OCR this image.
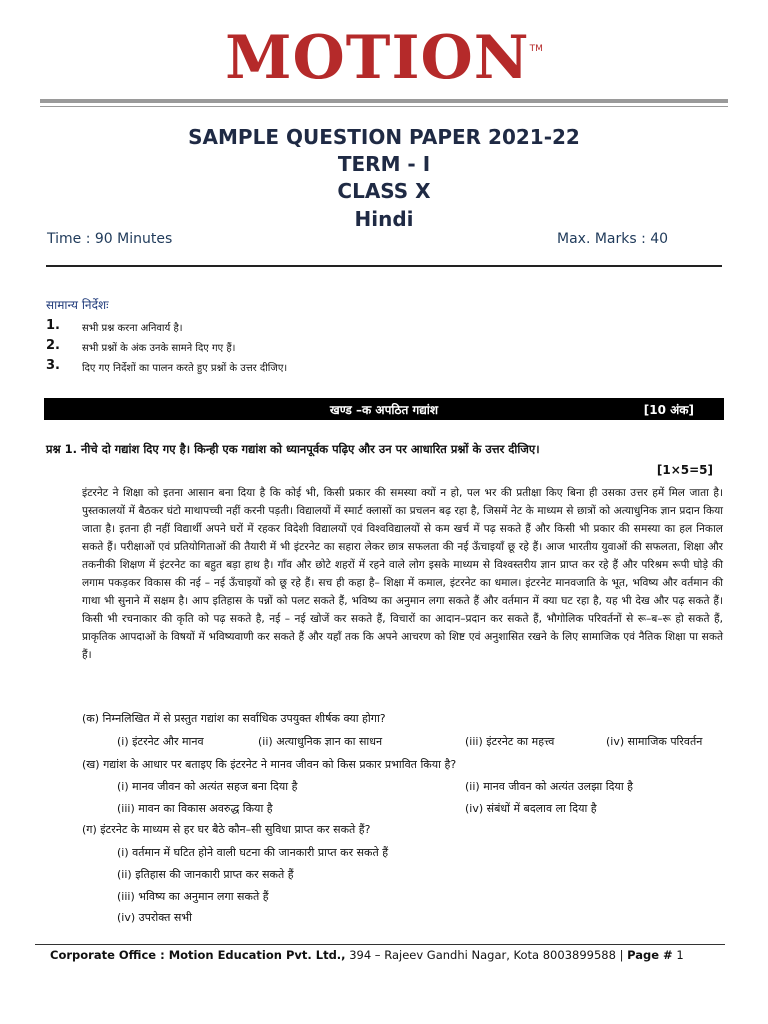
MOTIONTM
SAMPLE QUESTION PAPER 2021-22
TERM - I
CLASS X
Hindi
Time : 90 Minutes	Max. Marks : 40
सामान्य निर्देशः
1. सभी प्रश्न करना अनिवार्य है।
2. सभी प्रश्नों के अंक उनके सामने दिए गए हैं।
3. दिए गए निर्देशों का पालन करते हुए प्रश्नों के उत्तर दीजिए।
खण्ड –क अपठित गद्यांश	[10 अंक]
प्रश्न 1. नीचे दो गद्यांश दिए गए है। किन्ही एक गद्यांश को ध्यानपूर्वक पढ़िए और उन पर आधारित प्रश्नों के उत्तर दीजिए।
[1×5=5]
इंटरनेट ने शिक्षा को इतना आसान बना दिया है कि कोई भी, किसी प्रकार की समस्या क्यों न हो, पल भर की प्रतीक्षा किए बिना ही उसका उत्तर हमें मिल जाता है। पुस्तकालयों में बैठकर घंटो माथापच्ची नहीं करनी पड़ती। विद्यालयों में स्मार्ट क्लासों का प्रचलन बढ़ रहा है, जिसमें नेट के माध्यम से छात्रों को अत्याधुनिक ज्ञान प्रदान किया जाता है। इतना ही नहीं विद्यार्थी अपने घरों में रहकर विदेशी विद्यालयों एवं विश्वविद्यालयों से कम खर्च में पढ़ सकते हैं और किसी भी प्रकार की समस्या का हल निकाल सकते हैं। परीक्षाओं एवं प्रतियोगिताओं की तैयारी में भी इंटरनेट का सहारा लेकर छात्र सफलता की नई ऊँचाइयाँ छू रहे हैं। आज भारतीय युवाओं की सफलता, शिक्षा और तकनीकी शिक्षण में इंटरनेट का बहुत बड़ा हाथ है। गाँव और छोटे शहरों में रहने वाले लोग इसके माध्यम से विश्वस्तरीय ज्ञान प्राप्त कर रहे हैं और परिश्रम रूपी घोड़े की लगाम पकड़कर विकास की नई – नई ऊँचाइयों को छू रहे हैं। सच ही कहा है– शिक्षा में कमाल, इंटरनेट का धमाल। इंटरनेट मानवजाति के भूत, भविष्य और वर्तमान की गाथा भी सुनाने में सक्षम है। आप इतिहास के पन्नों को पलट सकते हैं, भविष्य का अनुमान लगा सकते हैं और वर्तमान में क्या घट रहा है, यह भी देख और पढ़ सकते हैं। किसी भी रचनाकार की कृति को पढ़ सकते है, नई – नई खोजें कर सकते हैं, विचारों का आदान–प्रदान कर सकते हैं, भौगोलिक परिवर्तनों से रू–ब–रू हो सकते हैं, प्राकृतिक आपदाओं के विषयों में भविष्यवाणी कर सकते हैं और यहाँ तक कि अपने आचरण को शिष्ट एवं अनुशासित रखने के लिए सामाजिक एवं नैतिक शिक्षा पा सकते हैं।
(क) निम्नलिखित में से प्रस्तुत गद्यांश का सर्वाधिक उपयुक्त शीर्षक क्या होगा?
(i) इंटरनेट और मानव	(ii) अत्याधुनिक ज्ञान का साधन	(iii) इंटरनेट का महत्त्व	(iv) सामाजिक परिवर्तन
(ख) गद्यांश के आधार पर बताइए कि इंटरनेट ने मानव जीवन को किस प्रकार प्रभावित किया है?
(i) मानव जीवन को अत्यंत सहज बना दिया है	(ii) मानव जीवन को अत्यंत उलझा दिया है
(iii) मावन का विकास अवरुद्ध किया है	(iv) संबंधों में बदलाव ला दिया है
(ग) इंटरनेट के माध्यम से हर घर बैठे कौन–सी सुविधा प्राप्त कर सकते हैं?
(i) वर्तमान में घटित होने वाली घटना की जानकारी प्राप्त कर सकते हैं
(ii) इतिहास की जानकारी प्राप्त कर सकते हैं
(iii) भविष्य का अनुमान लगा सकते हैं
(iv) उपरोक्त सभी
Corporate Office : Motion Education Pvt. Ltd., 394 – Rajeev Gandhi Nagar, Kota 8003899588 | Page # 1
